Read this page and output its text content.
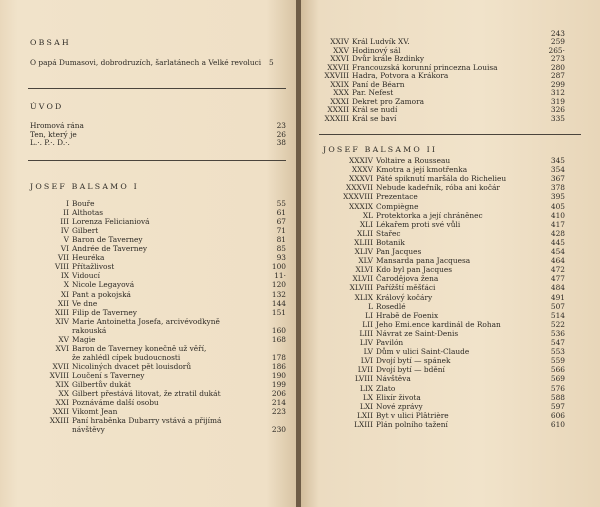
OBSAH
O papá Dumasovi, dobrodruzích, šarlatánech a Velké revoluci 5
ÚVOD
Hromová rána	23
Ten, který je	26
L.·. P.·. D.·.	38
JOSEF BALSAMO I
I Bouře	55
II Althotas	61
III Lorenza Felicianiová	67
IV Gilbert	71
V Baron de Taverney	81
VI Andrée de Taverney	85
VII Heuréka	93
VIII Přítažlivost	100
IX Vidoucí	11·
X Nicole Legayová	120
XI Pant a pokojská	132
XII Ve dne	144
XIII Filip de Taverney	151
XIV Marie Antoinetta Josefa, arcivévodkyně
rakouská	160
XV Magie	168
XVI Baron de Taverney konečně už věří,
že zahlédl cípek budoucnosti	178
XVII Nicoliných dvacet pět louisdorů	186
XVIII Loučení s Taverney	190
XIX Gilbertův dukát	199
XX Gilbert přestává litovat, že ztratil dukát	206
XXI Poznáváme další osobu	214
XXII Vikomt Jean	223
XXIII Paní hraběnka Dubarry vstává a přijímá
návštěvy	230
243
XXIV Král Ludvík XV.	259
XXV Hodinový sál	265·
XXVI Dvůr krále Bzdinky	273
XXVII Francouzská korunní princezna Louisa	280
XXVIII Hadra, Potvora a Krákora	287
XXIX Paní de Béarn	299
XXX Par. Nefest	312
XXXI Dekret pro Zamora	319
XXXII Král se nudí	326
XXXIII Král se baví	335
JOSEF BALSAMO II
XXXIV Voltaire a Rousseau	345
XXXV Kmotra a její kmotřenka	354
XXXVI Páté spiknutí maršála do Richelieu	367
XXXVII Nebude kadeřník, róba ani kočár	378
XXXVIII Prezentace	395
XXXIX Compiègne	405
XL Protektorka a její chráněnec	410
XLI Lékařem proti své vůli	417
XLII Stařec	428
XLIII Botanik	445
XLIV Pan Jacques	454
XLV Mansarda pana Jacquesa	464
XLVI Kdo byl pan Jacques	472
XLVII Čarodějova žena	477
XLVIII Pařížští měšťáci	484
XLIX Králový kočáry	491
L Rosedlé	507
LI Hrabě de Foenix	514
LII Jeho Emi.ence kardinál de Rohan	522
LIII Návrat ze Saint-Denis	536
LIV Pavilón	547
LV Dům v ulici Saint-Claude	553
LVI Dvojí bytí — spánek	559
LVII Dvojí bytí — bdění	566
LVIII Návštěva	569
LIX Zlato	576
LX Elixír života	588
LXI Nové zprávy	597
LXII Byt v ulici Plâtrière	606
LXIII Plán polního tažení	610
